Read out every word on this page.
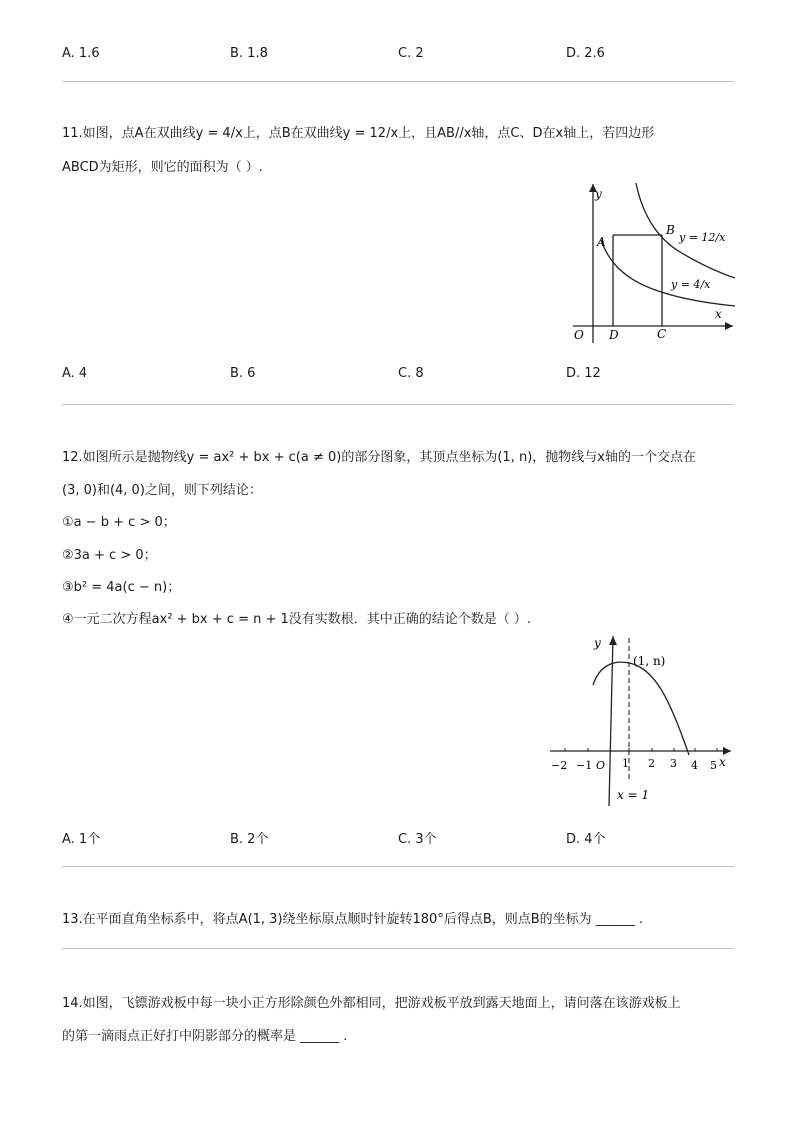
A. 1.6	B. 1.8	C. 2	D. 2.6
11.如图，点A在双曲线y = 4/x上，点B在双曲线y = 12/x上，且AB//x轴，点C、D在x轴上，若四边形
ABCD为矩形，则它的面积为（ ）.
y
x
O D	C
A
B
y = 12/x
y = 4/x
A. 4	B. 6	C. 8	D. 12
12.如图所示是抛物线y = ax² + bx + c(a ≠ 0)的部分图象，其顶点坐标为(1, n)，抛物线与x轴的一个交点在
(3, 0)和(4, 0)之间，则下列结论：
①a − b + c > 0；
②3a + c > 0；
③b² = 4a(c − n)；
④一元二次方程ax² + bx + c = n + 1没有实数根．其中正确的结论个数是（ ）.
y
x
(1, n)
−2 −1 O 1 2 3 4 5
x = 1
A. 1个	B. 2个	C. 3个	D. 4个
13.在平面直角坐标系中，将点A(1, 3)绕坐标原点顺时针旋转180°后得点B，则点B的坐标为 ______ .
14.如图，飞镖游戏板中每一块小正方形除颜色外都相同，把游戏板平放到露天地面上，请问落在该游戏板上
的第一滴雨点正好打中阴影部分的概率是 ______ .
